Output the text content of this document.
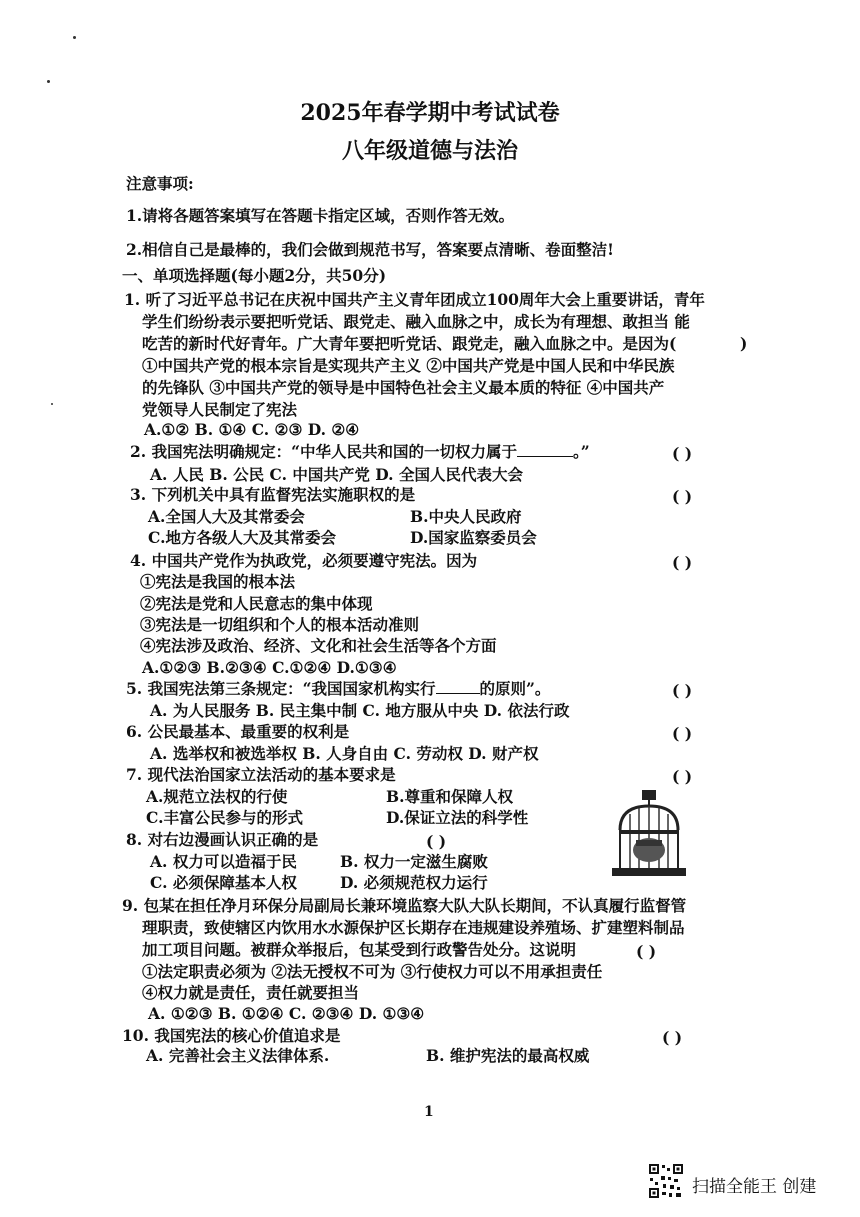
2025年春学期中考试试卷
八年级道德与法治
注意事项:
1.请将各题答案填写在答题卡指定区域，否则作答无效。
2.相信自己是最棒的，我们会做到规范书写，答案要点清晰、卷面整洁!
一、单项选择题(每小题2分，共50分)
1. 听了习近平总书记在庆祝中国共产主义青年团成立100周年大会上重要讲话，青年
学生们纷纷表示要把听党话、跟党走、融入血脉之中，成长为有理想、敢担当 能
吃苦的新时代好青年。广大青年要把听党话、跟党走，融入血脉之中。是因为(	)
①中国共产党的根本宗旨是实现共产主义 ②中国共产党是中国人民和中华民族
的先锋队 ③中国共产党的领导是中国特色社会主义最本质的特征 ④中国共产
党领导人民制定了宪法
A.①② B. ①④ C. ②③ D. ②④
2. 我国宪法明确规定：“中华人民共和国的一切权力属于	。”	( )
A. 人民 B. 公民 C. 中国共产党 D. 全国人民代表大会
3. 下列机关中具有监督宪法实施职权的是	( )
A.全国人大及其常委会	B.中央人民政府
C.地方各级人大及其常委会	D.国家监察委员会
4. 中国共产党作为执政党，必须要遵守宪法。因为	( )
①宪法是我国的根本法
②宪法是党和人民意志的集中体现
③宪法是一切组织和个人的根本活动准则
④宪法涉及政治、经济、文化和社会生活等各个方面
A.①②③ B.②③④ C.①②④ D.①③④
5. 我国宪法第三条规定：“我国国家机构实行	的原则”。	( )
A. 为人民服务 B. 民主集中制 C. 地方服从中央 D. 依法行政
6. 公民最基本、最重要的权利是	( )
A. 选举权和被选举权 B. 人身自由 C. 劳动权 D. 财产权
7. 现代法治国家立法活动的基本要求是	( )
A.规范立法权的行使	B.尊重和保障人权
C.丰富公民参与的形式	D.保证立法的科学性
8. 对右边漫画认识正确的是	( )
A. 权力可以造福于民	B. 权力一定滋生腐败
C. 必须保障基本人权	D. 必须规范权力运行
9. 包某在担任净月环保分局副局长兼环境监察大队大队长期间，不认真履行监督管
理职责，致使辖区内饮用水水源保护区长期存在违规建设养殖场、扩建塑料制品
加工项目问题。被群众举报后，包某受到行政警告处分。这说明	( )
①法定职责必须为 ②法无授权不可为 ③行使权力可以不用承担责任
④权力就是责任，责任就要担当
A. ①②③ B. ①②④ C. ②③④ D. ①③④
10. 我国宪法的核心价值追求是	( )
A. 完善社会主义法律体系.	B. 维护宪法的最高权威
1
扫描全能王 创建
